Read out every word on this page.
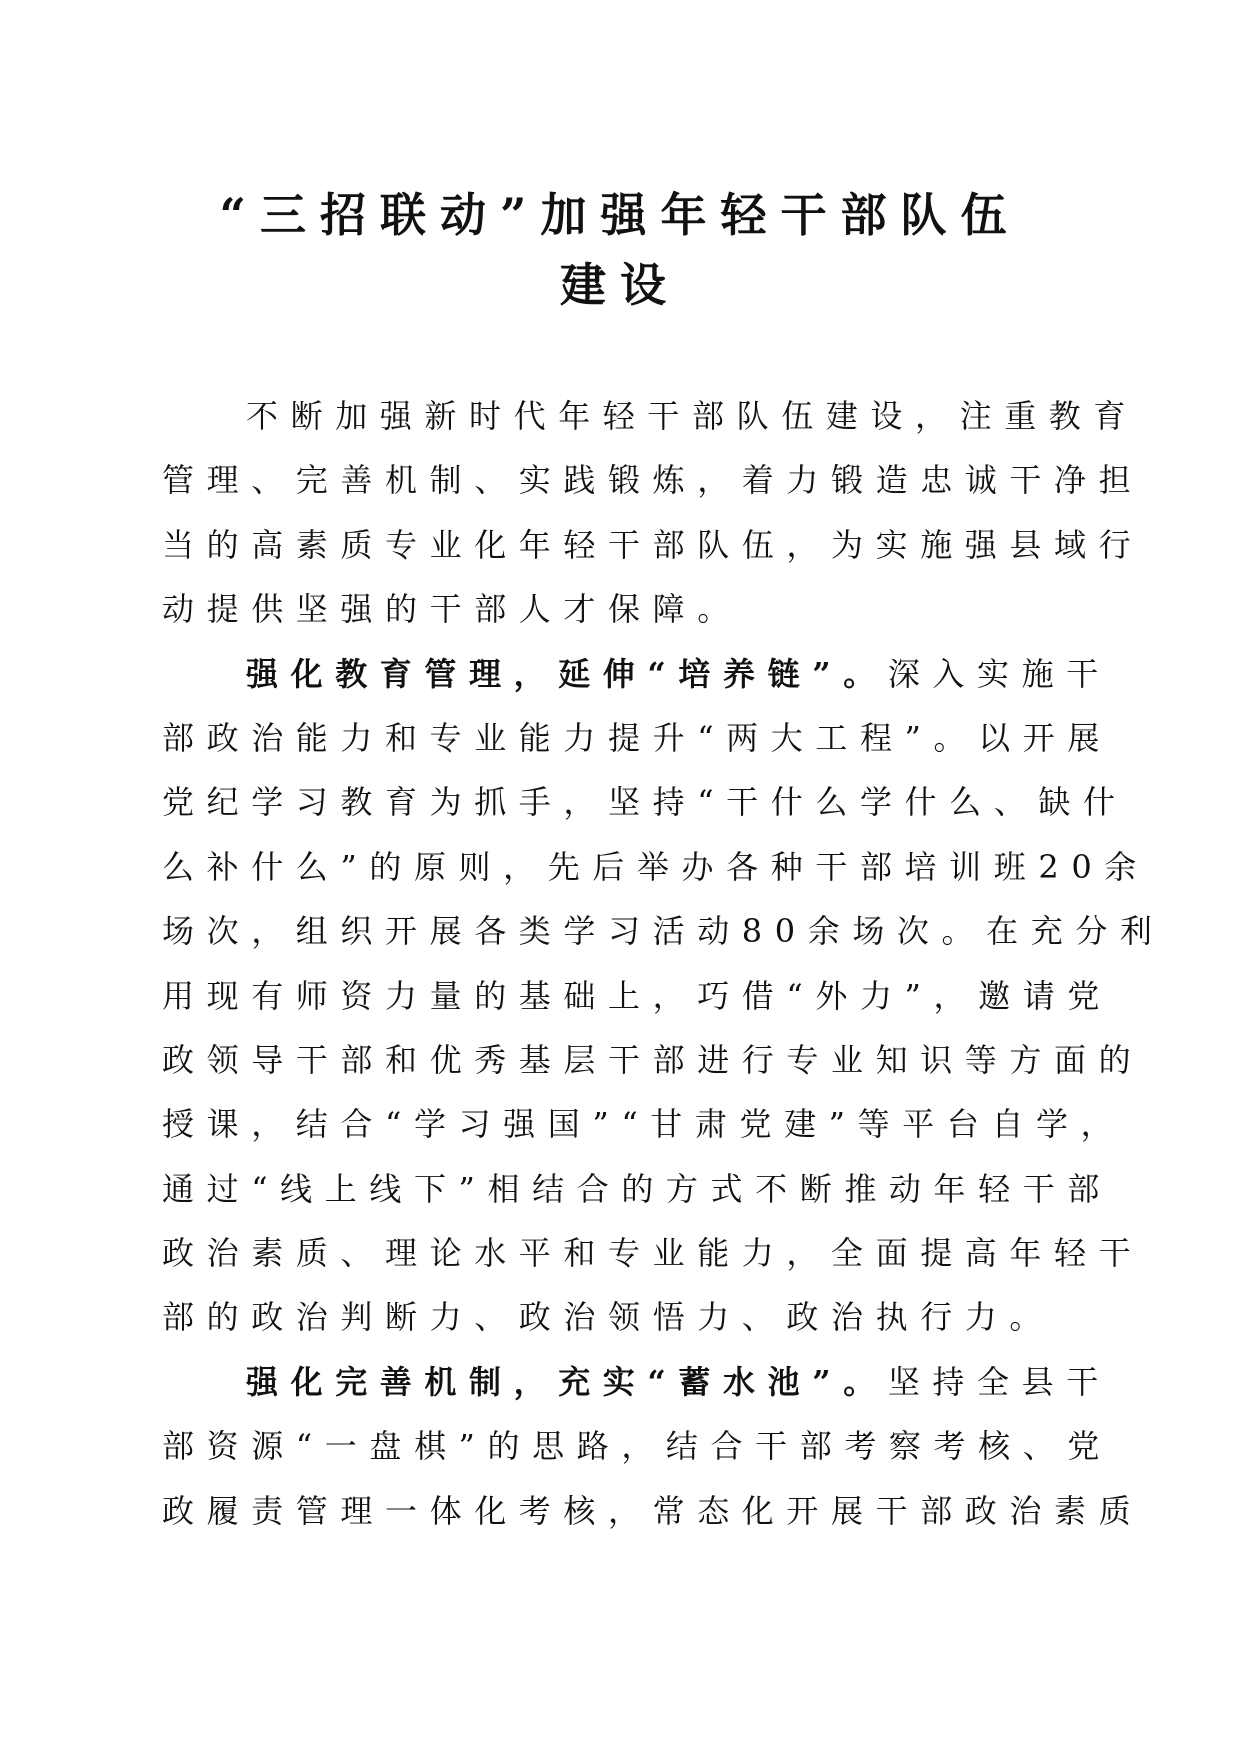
“三招联动”加强年轻干部队伍
建设
不断加强新时代年轻干部队伍建设，注重教育
管理、完善机制、实践锻炼，着力锻造忠诚干净担
当的高素质专业化年轻干部队伍，为实施强县域行
动提供坚强的干部人才保障。
强化教育管理，延伸“培养链”。深入实施干
部政治能力和专业能力提升“两大工程”。以开展
党纪学习教育为抓手，坚持“干什么学什么、缺什
么补什么”的原则，先后举办各种干部培训班20余
场次，组织开展各类学习活动80余场次。在充分利
用现有师资力量的基础上，巧借“外力”，邀请党
政领导干部和优秀基层干部进行专业知识等方面的
授课，结合“学习强国”“甘肃党建”等平台自学，
通过“线上线下”相结合的方式不断推动年轻干部
政治素质、理论水平和专业能力，全面提高年轻干
部的政治判断力、政治领悟力、政治执行力。
强化完善机制，充实“蓄水池”。坚持全县干
部资源“一盘棋”的思路，结合干部考察考核、党
政履责管理一体化考核，常态化开展干部政治素质
